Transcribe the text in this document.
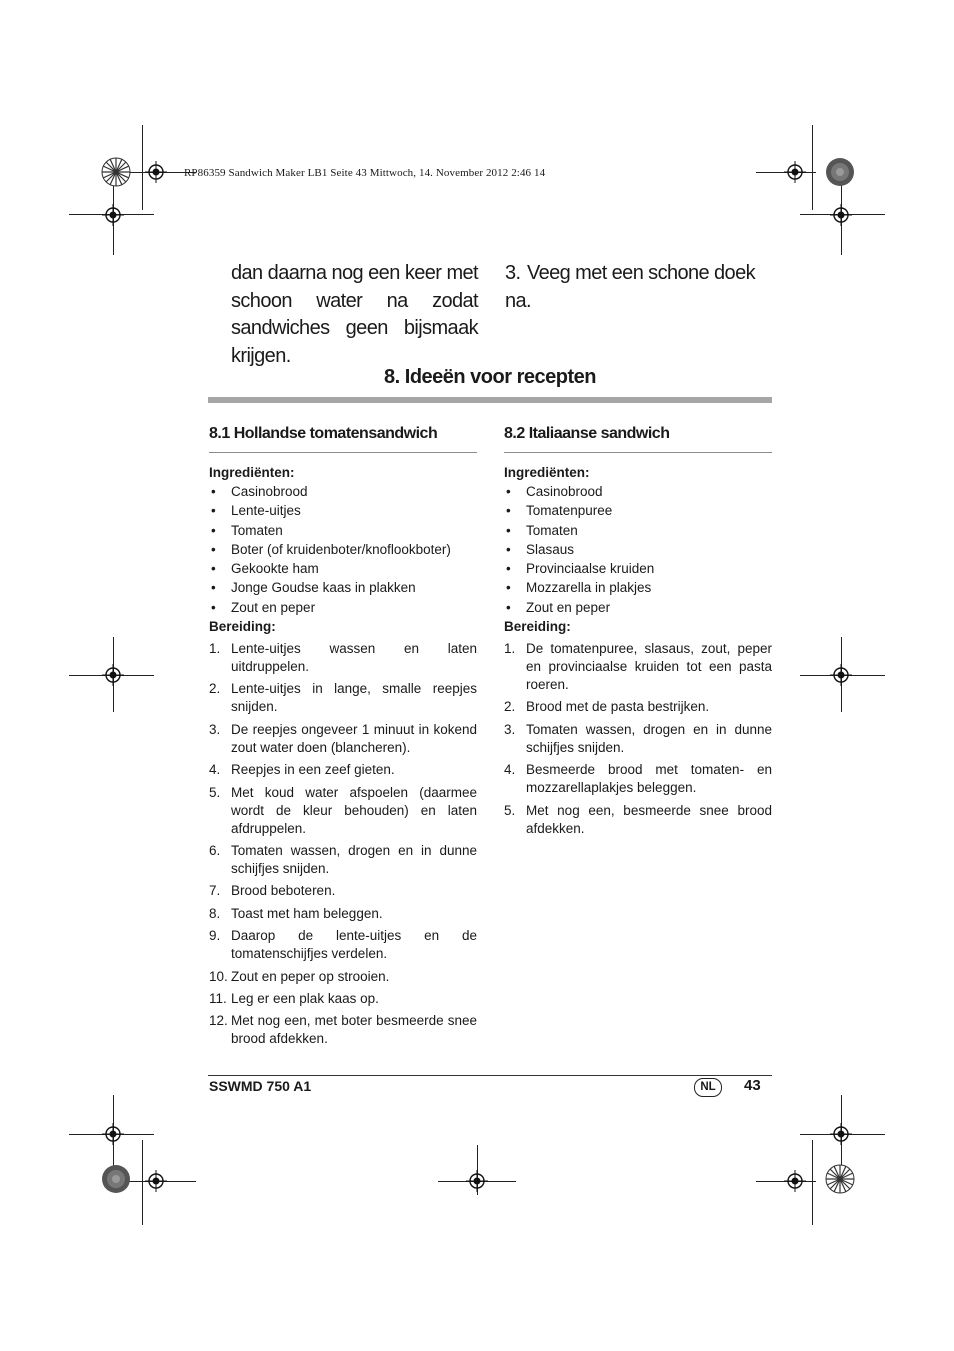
RP86359 Sandwich Maker LB1 Seite 43 Mittwoch, 14. November 2012 2:46 14
dan daarna nog een keer met schoon water na zodat sandwiches geen bijsmaak krijgen.
3. Veeg met een schone doek na.
8. Ideeën voor recepten
8.1 Hollandse tomatensandwich
Ingrediënten:
• Casinobrood
• Lente-uitjes
• Tomaten
• Boter (of kruidenboter/knoflookboter)
• Gekookte ham
• Jonge Goudse kaas in plakken
• Zout en peper
Bereiding:
1. Lente-uitjes wassen en laten uitdruppelen.
2. Lente-uitjes in lange, smalle reepjes snijden.
3. De reepjes ongeveer 1 minuut in kokend zout water doen (blancheren).
4. Reepjes in een zeef gieten.
5. Met koud water afspoelen (daarmee wordt de kleur behouden) en laten afdruppelen.
6. Tomaten wassen, drogen en in dunne schijfjes snijden.
7. Brood beboteren.
8. Toast met ham beleggen.
9. Daarop de lente-uitjes en de tomatenschijfjes verdelen.
10. Zout en peper op strooien.
11. Leg er een plak kaas op.
12. Met nog een, met boter besmeerde snee brood afdekken.
8.2 Italiaanse sandwich
Ingrediënten:
• Casinobrood
• Tomatenpuree
• Tomaten
• Slasaus
• Provinciaalse kruiden
• Mozzarella in plakjes
• Zout en peper
Bereiding:
1. De tomatenpuree, slasaus, zout, peper en provinciaalse kruiden tot een pasta roeren.
2. Brood met de pasta bestrijken.
3. Tomaten wassen, drogen en in dunne schijfjes snijden.
4. Besmeerde brood met tomaten- en mozzarellaplakjes beleggen.
5. Met nog een, besmeerde snee brood afdekken.
SSWMD 750 A1	NL	43
